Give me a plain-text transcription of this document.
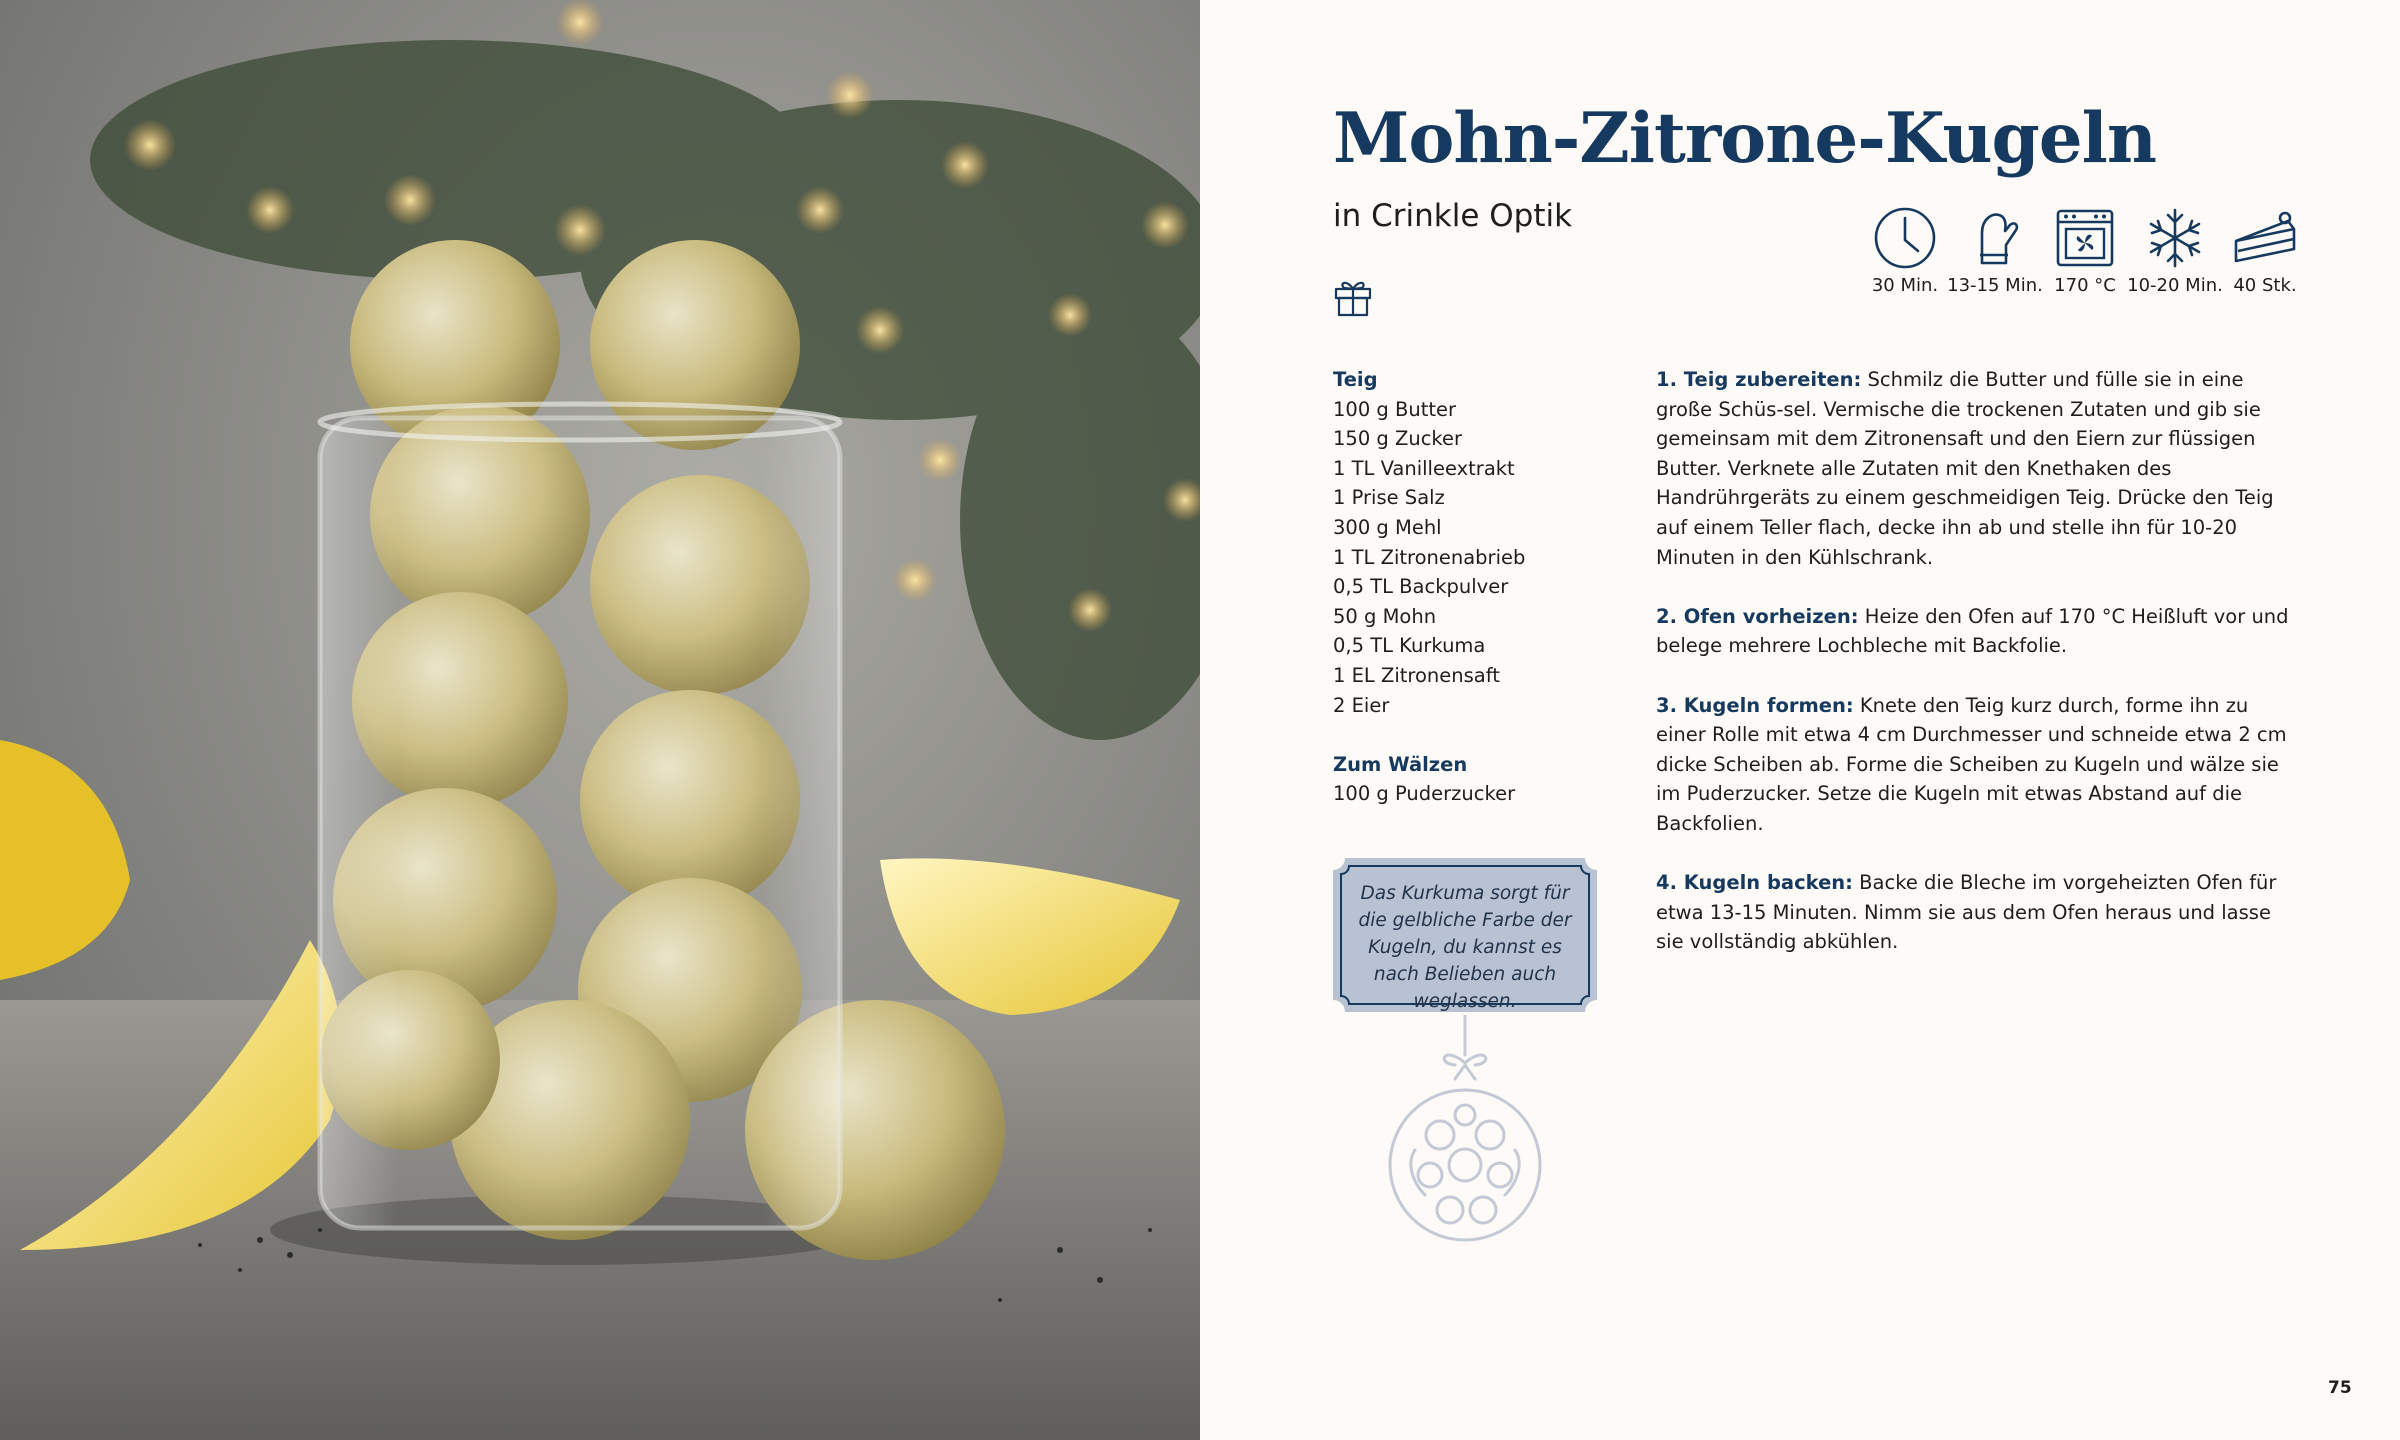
Mohn-Zitrone-Kugeln
in Crinkle Optik
30 Min. 13-15 Min. 170 °C 10-20 Min. 40 Stk.
Teig
100 g Butter
150 g Zucker
1 TL Vanilleextrakt
1 Prise Salz
300 g Mehl
1 TL Zitronenabrieb
0,5 TL Backpulver
50 g Mohn
0,5 TL Kurkuma
1 EL Zitronensaft
2 Eier
Zum Wälzen
100 g Puderzucker

1. Teig zubereiten: Schmilz die Butter und fülle sie in eine große Schüs-sel. Vermische die trockenen Zutaten und gib sie gemeinsam mit dem Zitronensaft und den Eiern zur flüssigen Butter. Verknete alle Zutaten mit den Knethaken des Handrührgeräts zu einem geschmeidigen Teig. Drücke den Teig auf einem Teller flach, decke ihn ab und stelle ihn für 10-20 Minuten in den Kühlschrank.

2. Ofen vorheizen: Heize den Ofen auf 170 °C Heißluft vor und belege mehrere Lochbleche mit Backfolie.

3. Kugeln formen: Knete den Teig kurz durch, forme ihn zu einer Rolle mit etwa 4 cm Durchmesser und schneide etwa 2 cm dicke Scheiben ab. Forme die Scheiben zu Kugeln und wälze sie im Puderzucker. Setze die Kugeln mit etwas Abstand auf die Backfolien.

4. Kugeln backen: Backe die Bleche im vorgeheizten Ofen für etwa 13-15 Minuten. Nimm sie aus dem Ofen heraus und lasse sie vollständig abkühlen.

Das Kurkuma sorgt für die gelbliche Farbe der Kugeln, du kannst es nach Belieben auch weglassen.
75
